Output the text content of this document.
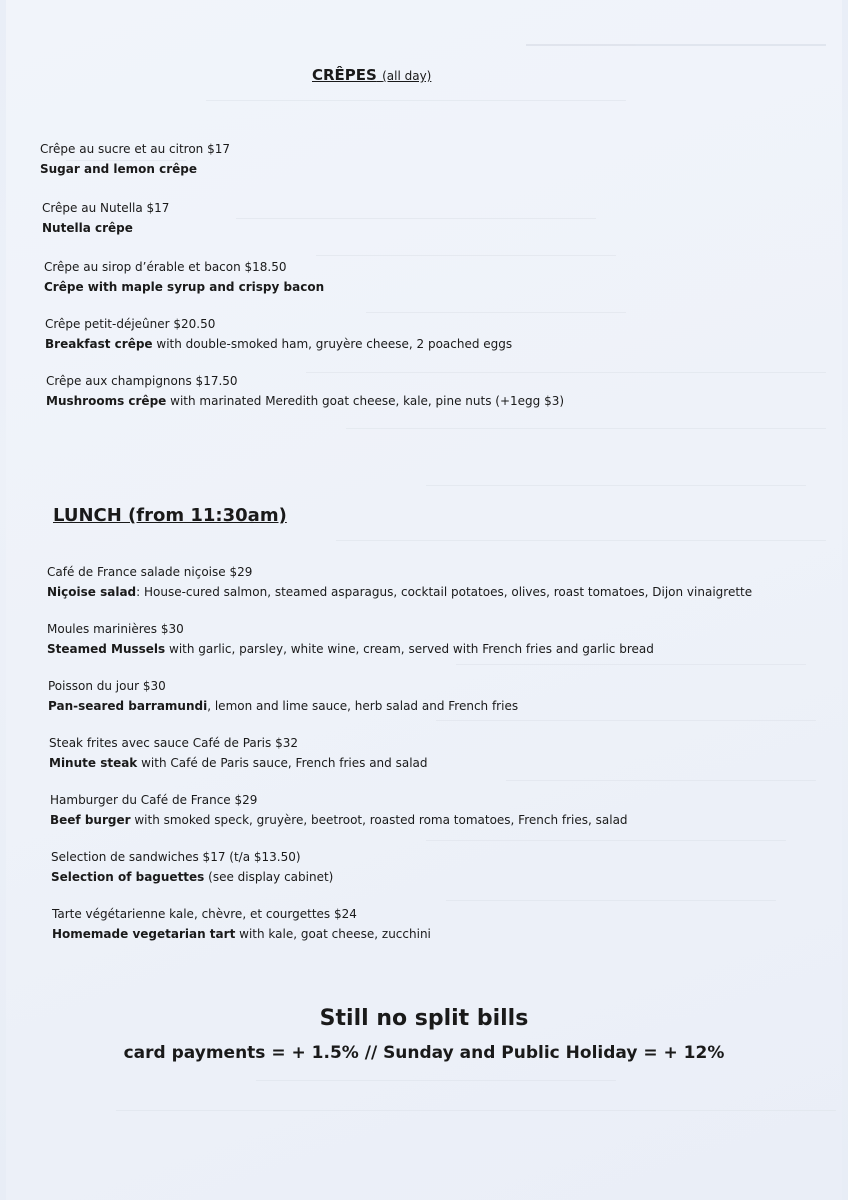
CRÊPES (all day)
Crêpe au sucre et au citron $17
Sugar and lemon crêpe
Crêpe au Nutella $17
Nutella crêpe
Crêpe au sirop d’érable et bacon $18.50
Crêpe with maple syrup and crispy bacon
Crêpe petit-déjeûner $20.50
Breakfast crêpe with double-smoked ham, gruyère cheese, 2 poached eggs
Crêpe aux champignons $17.50
Mushrooms crêpe with marinated Meredith goat cheese, kale, pine nuts (+1egg $3)
LUNCH (from 11:30am)
Café de France salade niçoise $29
Niçoise salad: House-cured salmon, steamed asparagus, cocktail potatoes, olives, roast tomatoes, Dijon vinaigrette
Moules marinières $30
Steamed Mussels with garlic, parsley, white wine, cream, served with French fries and garlic bread
Poisson du jour $30
Pan-seared barramundi, lemon and lime sauce, herb salad and French fries
Steak frites avec sauce Café de Paris $32
Minute steak with Café de Paris sauce, French fries and salad
Hamburger du Café de France $29
Beef burger with smoked speck, gruyère, beetroot, roasted roma tomatoes, French fries, salad
Selection de sandwiches $17 (t/a $13.50)
Selection of baguettes (see display cabinet)
Tarte végétarienne kale, chèvre, et courgettes $24
Homemade vegetarian tart with kale, goat cheese, zucchini
Still no split bills
card payments = + 1.5% // Sunday and Public Holiday = + 12%
